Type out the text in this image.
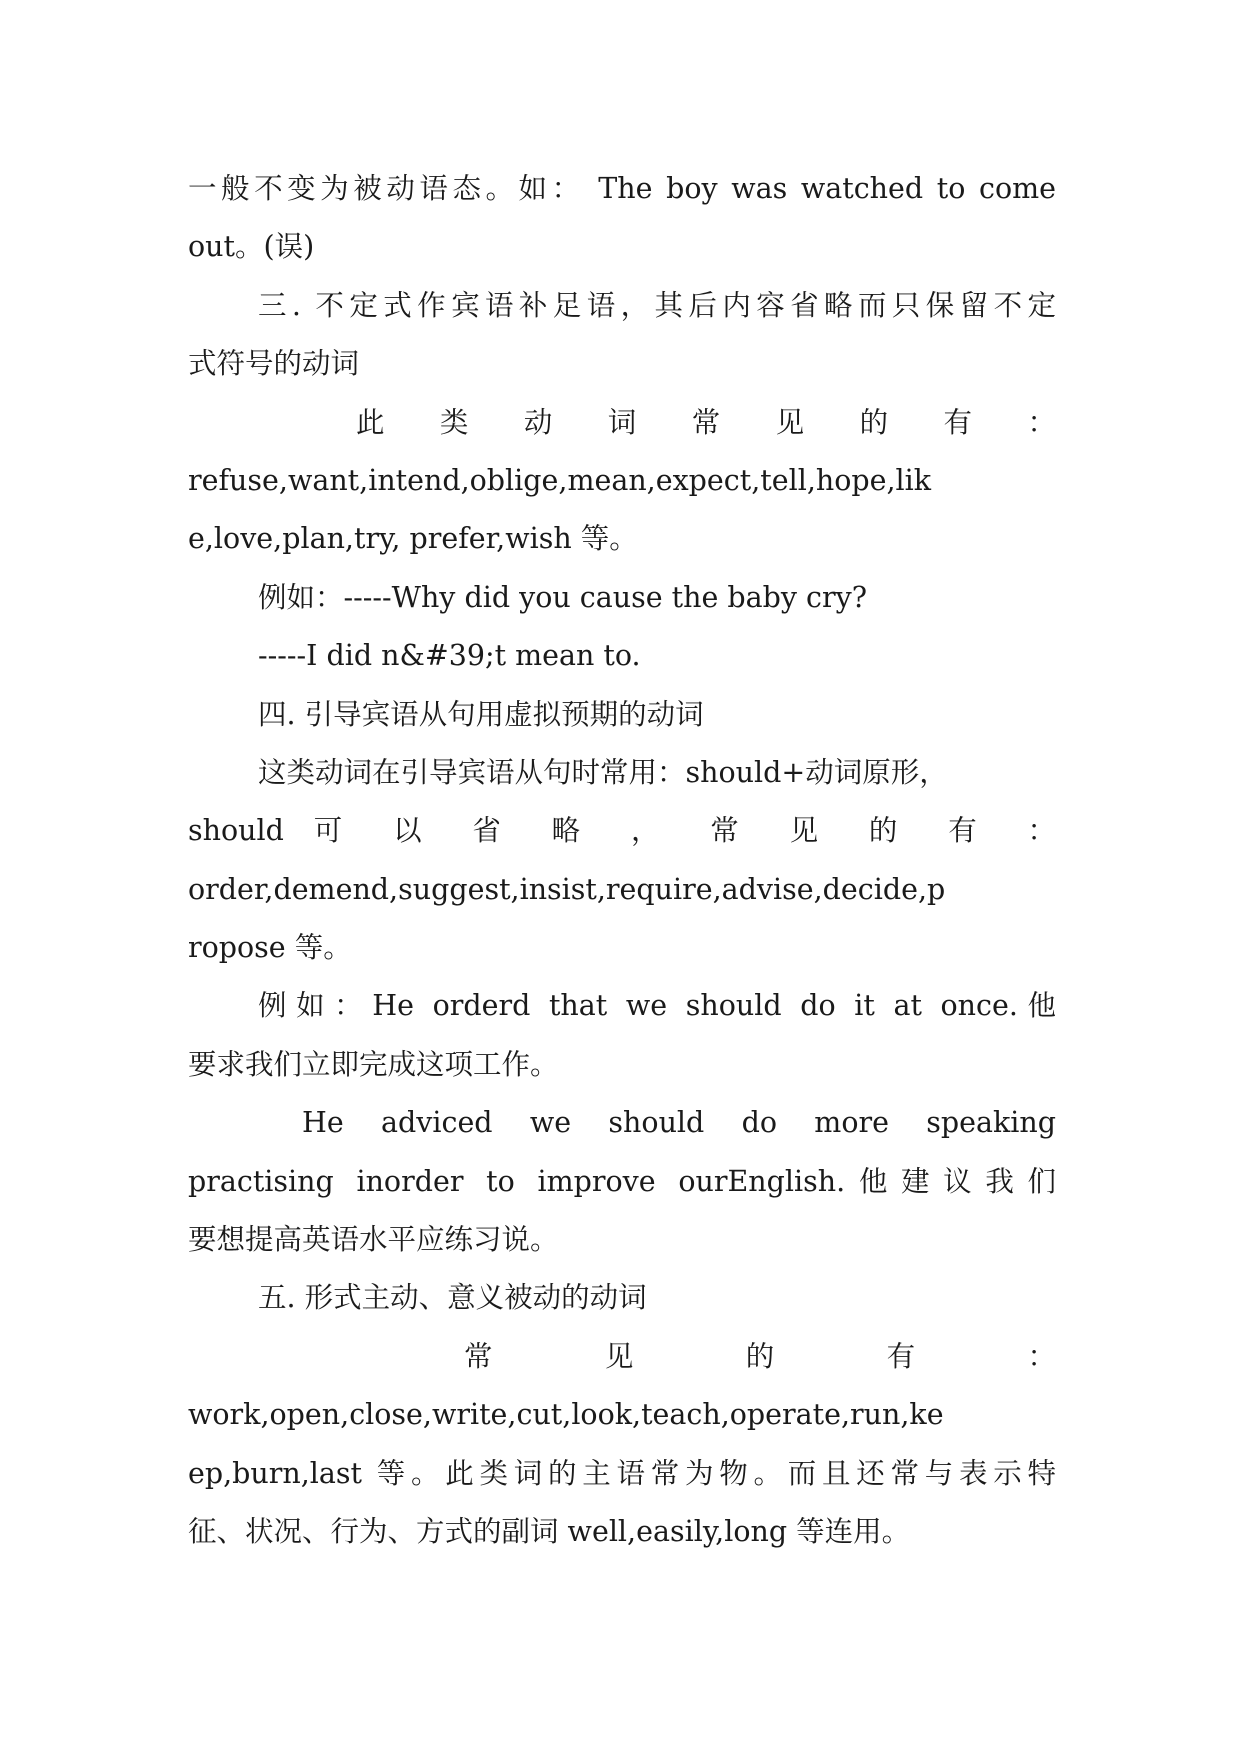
一般不变为被动语态。如： The boy was watched to come
out。(误)
三. 不定式作宾语补足语，其后内容省略而只保留不定
式符号的动词
此 类 动 词 常 见 的 有 ：
refuse,want,intend,oblige,mean,expect,tell,hope,lik
e,love,plan,try, prefer,wish 等。
例如：-----Why did you cause the baby cry?
-----I did n&#39;t mean to.
四. 引导宾语从句用虚拟预期的动词
这类动词在引导宾语从句时常用：should+动词原形，
should 可 以 省 略 ， 常 见 的 有 ：
order,demend,suggest,insist,require,advise,decide,p
ropose 等。
例如：He orderd that we should do it at once.他
要求我们立即完成这项工作。
He adviced we should do more speaking
practising inorder to improve ourEnglish.他建议我们
要想提高英语水平应练习说。
五. 形式主动、意义被动的动词
常 见 的 有 ：
work,open,close,write,cut,look,teach,operate,run,ke
ep,burn,last 等。此类词的主语常为物。而且还常与表示特
征、状况、行为、方式的副词 well,easily,long 等连用。
